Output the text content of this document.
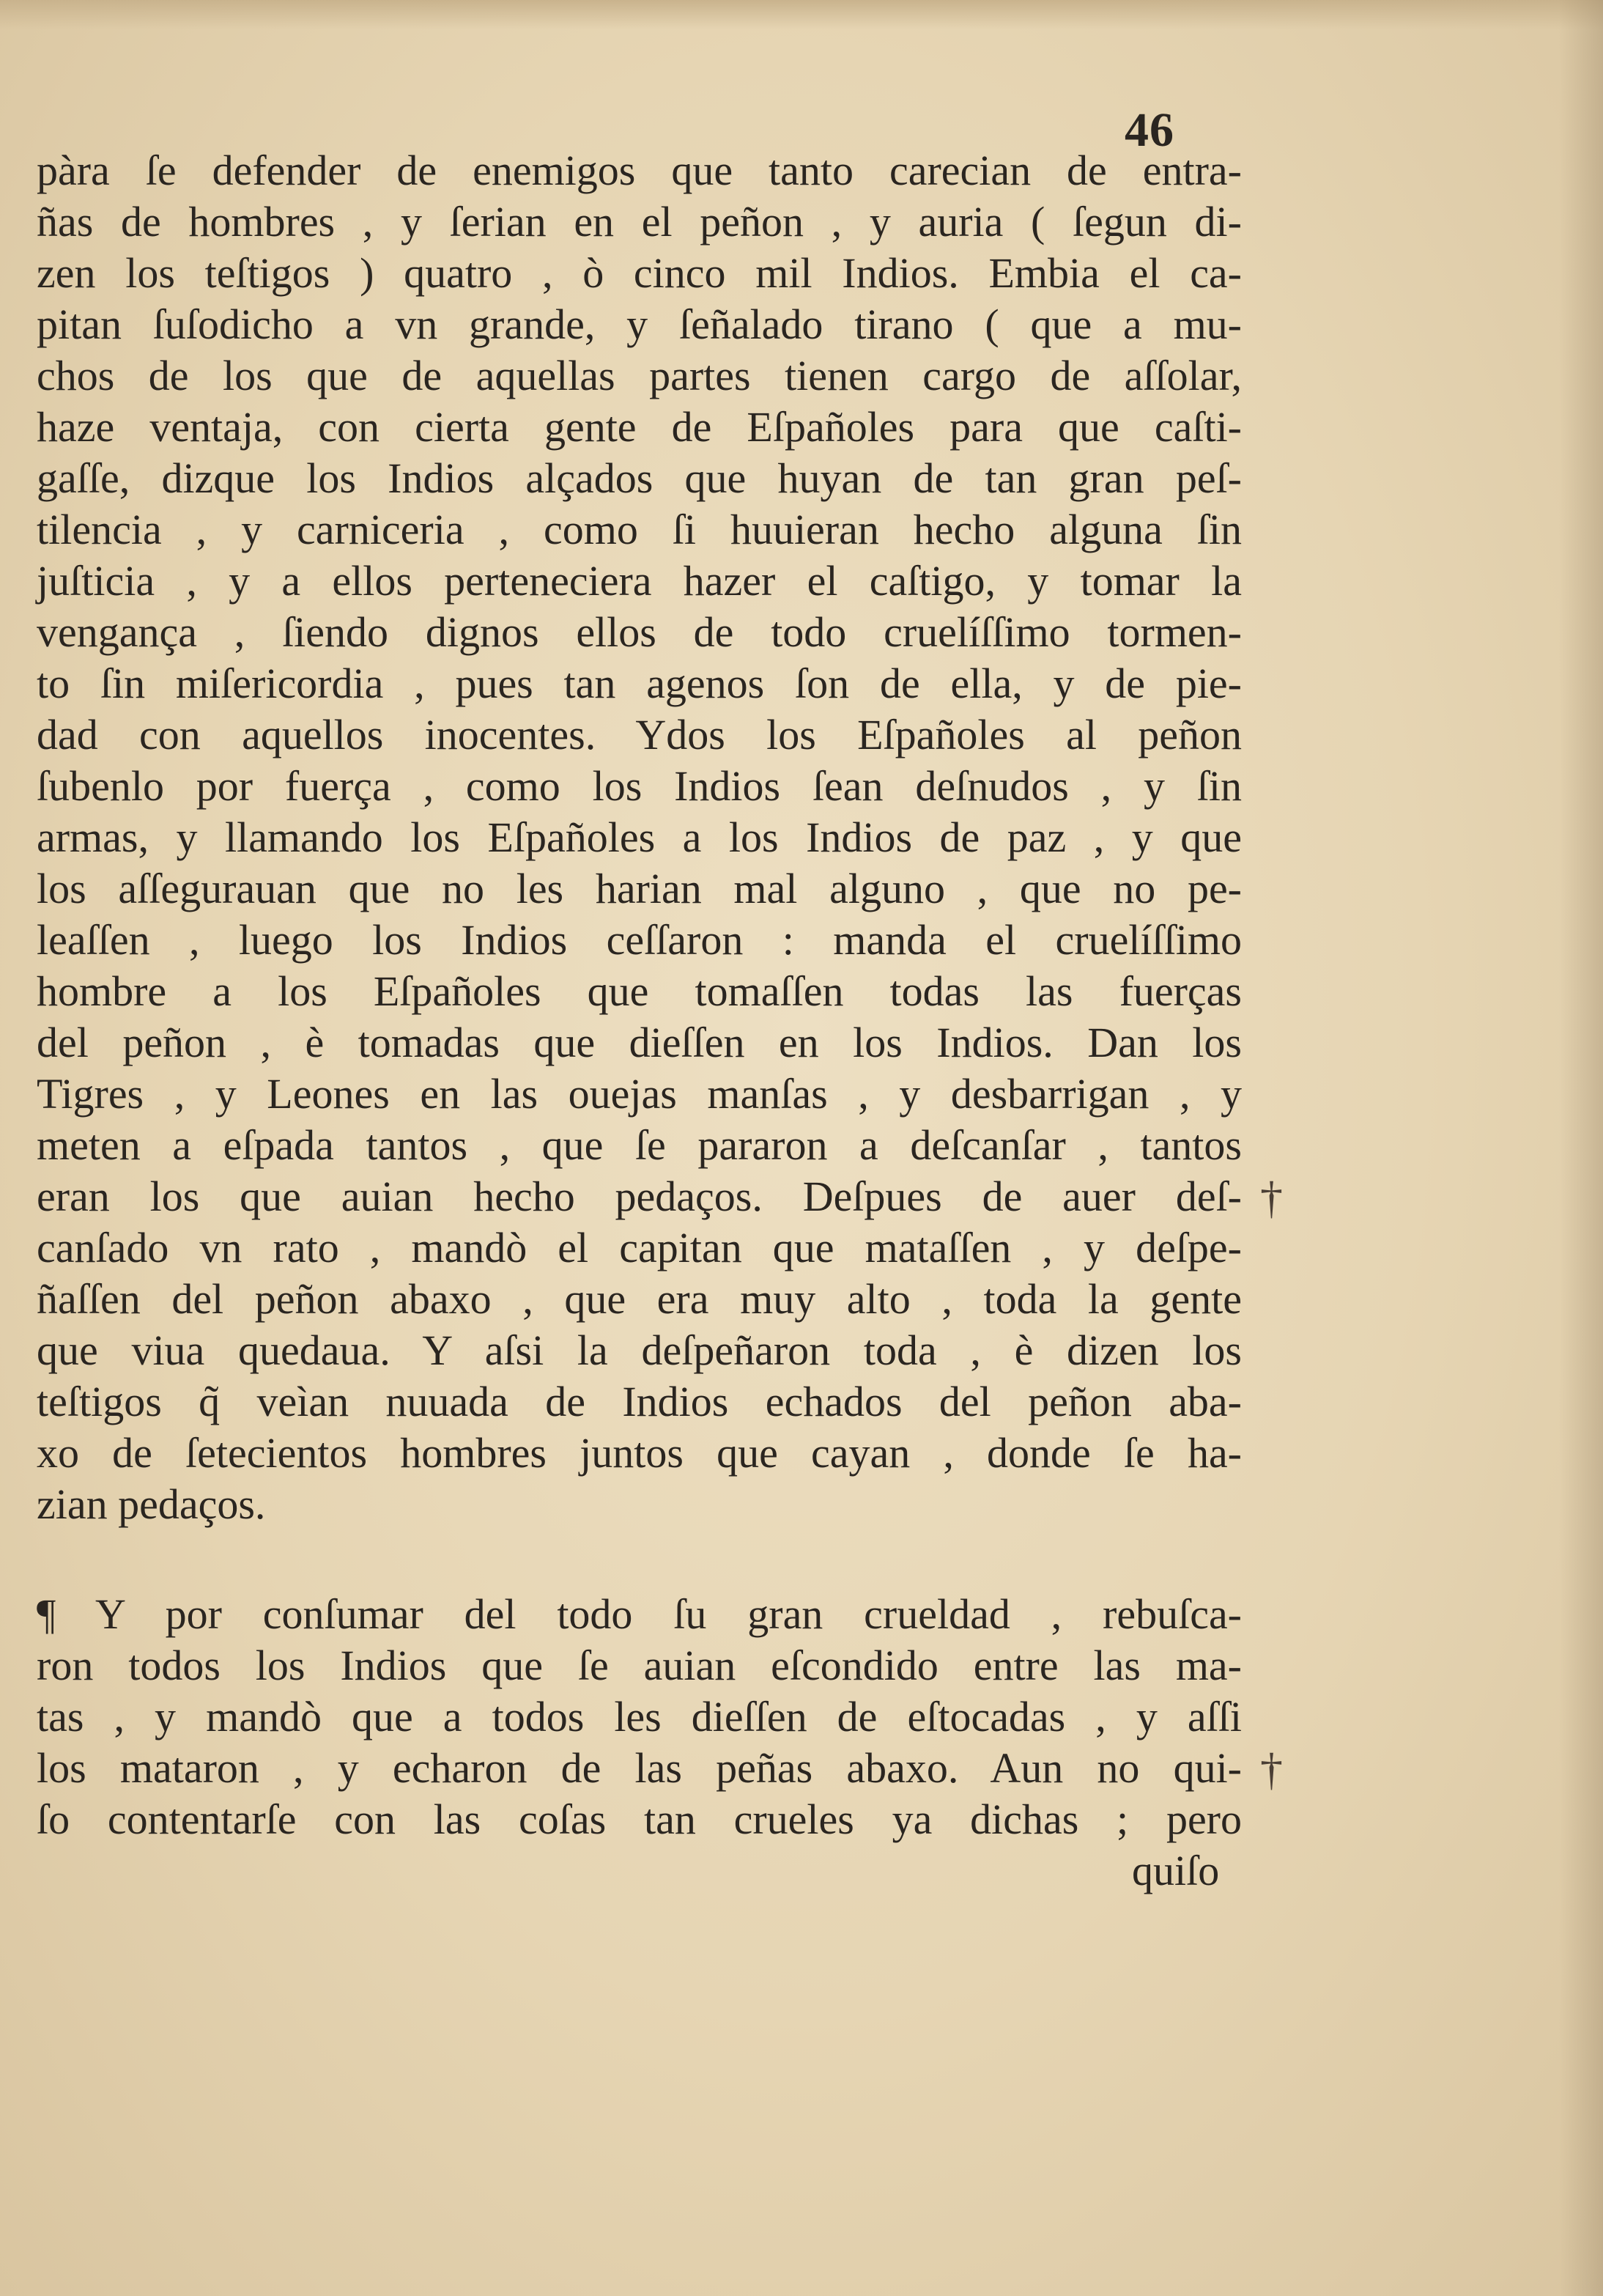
46
pàra ſe defender de enemigos que tanto carecian de entra-
ñas de hombres , y ſerian en el peñon , y auria ( ſegun di-
zen los teſtigos ) quatro , ò cinco mil Indios. Embia el ca-
pitan ſuſodicho a vn grande, y ſeñalado tirano ( que a mu-
chos de los que de aquellas partes tienen cargo de aſſolar,
haze ventaja, con cierta gente de Eſpañoles para que caſti-
gaſſe, dizque los Indios alçados que huyan de tan gran peſ-
tilencia , y carniceria , como ſi huuieran hecho alguna ſin
juſticia , y a ellos perteneciera hazer el caſtigo, y tomar la
vengança , ſiendo dignos ellos de todo cruelíſſimo tormen-
to ſin miſericordia , pues tan agenos ſon de ella, y de pie-
dad con aquellos inocentes. Ydos los Eſpañoles al peñon
ſubenlo por fuerça , como los Indios ſean deſnudos , y ſin
armas, y llamando los Eſpañoles a los Indios de paz , y que
los aſſegurauan que no les harian mal alguno , que no pe-
leaſſen , luego los Indios ceſſaron : manda el cruelíſſimo
hombre a los Eſpañoles que tomaſſen todas las fuerças
del peñon , è tomadas que dieſſen en los Indios. Dan los
Tigres , y Leones en las ouejas manſas , y desbarrigan , y
meten a eſpada tantos , que ſe pararon a deſcanſar , tantos
eran los que auian hecho pedaços. Deſpues de auer deſ-
canſado vn rato , mandò el capitan que mataſſen , y deſpe-
ñaſſen del peñon abaxo , que era muy alto , toda la gente
que viua quedaua. Y aſsi la deſpeñaron toda , è dizen los
teſtigos q̃ veìan nuuada de Indios echados del peñon aba-
xo de ſetecientos hombres juntos que cayan , donde ſe ha-
zian pedaços.
¶ Y por conſumar del todo ſu gran crueldad , rebuſca-
ron todos los Indios que ſe auian eſcondido entre las ma-
tas , y mandò que a todos les dieſſen de eſtocadas , y aſſi
los mataron , y echaron de las peñas abaxo. Aun no qui-
ſo contentarſe con las coſas tan crueles ya dichas ; pero
quiſo
†
†
